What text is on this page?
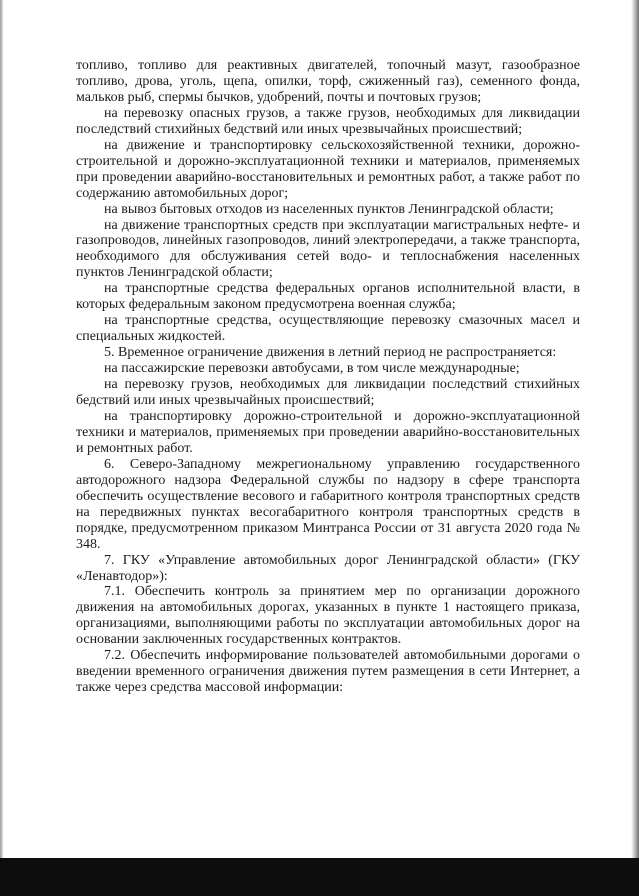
топливо, топливо для реактивных двигателей, топочный мазут, газообразное топливо, дрова, уголь, щепа, опилки, торф, сжиженный газ), семенного фонда, мальков рыб, спермы бычков, удобрений, почты и почтовых грузов;

на перевозку опасных грузов, а также грузов, необходимых для ликвидации последствий стихийных бедствий или иных чрезвычайных происшествий;

на движение и транспортировку сельскохозяйственной техники, дорожно-строительной и дорожно-эксплуатационной техники и материалов, применяемых при проведении аварийно-восстановительных и ремонтных работ, а также работ по содержанию автомобильных дорог;

на вывоз бытовых отходов из населенных пунктов Ленинградской области;

на движение транспортных средств при эксплуатации магистральных нефте- и газопроводов, линейных газопроводов, линий электропередачи, а также транспорта, необходимого для обслуживания сетей водо- и теплоснабжения населенных пунктов Ленинградской области;

на транспортные средства федеральных органов исполнительной власти, в которых федеральным законом предусмотрена военная служба;

на транспортные средства, осуществляющие перевозку смазочных масел и специальных жидкостей.

5. Временное ограничение движения в летний период не распространяется:

на пассажирские перевозки автобусами, в том числе международные;

на перевозку грузов, необходимых для ликвидации последствий стихийных бедствий или иных чрезвычайных происшествий;

на транспортировку дорожно-строительной и дорожно-эксплуатационной техники и материалов, применяемых при проведении аварийно-восстановительных и ремонтных работ.

6. Северо-Западному межрегиональному управлению государственного автодорожного надзора Федеральной службы по надзору в сфере транспорта обеспечить осуществление весового и габаритного контроля транспортных средств на передвижных пунктах весогабаритного контроля транспортных средств в порядке, предусмотренном приказом Минтранса России от 31 августа 2020 года № 348.

7. ГКУ «Управление автомобильных дорог Ленинградской области» (ГКУ «Ленавтодор»):

7.1. Обеспечить контроль за принятием мер по организации дорожного движения на автомобильных дорогах, указанных в пункте 1 настоящего приказа, организациями, выполняющими работы по эксплуатации автомобильных дорог на основании заключенных государственных контрактов.

7.2. Обеспечить информирование пользователей автомобильными дорогами о введении временного ограничения движения путем размещения в сети Интернет, а также через средства массовой информации:
